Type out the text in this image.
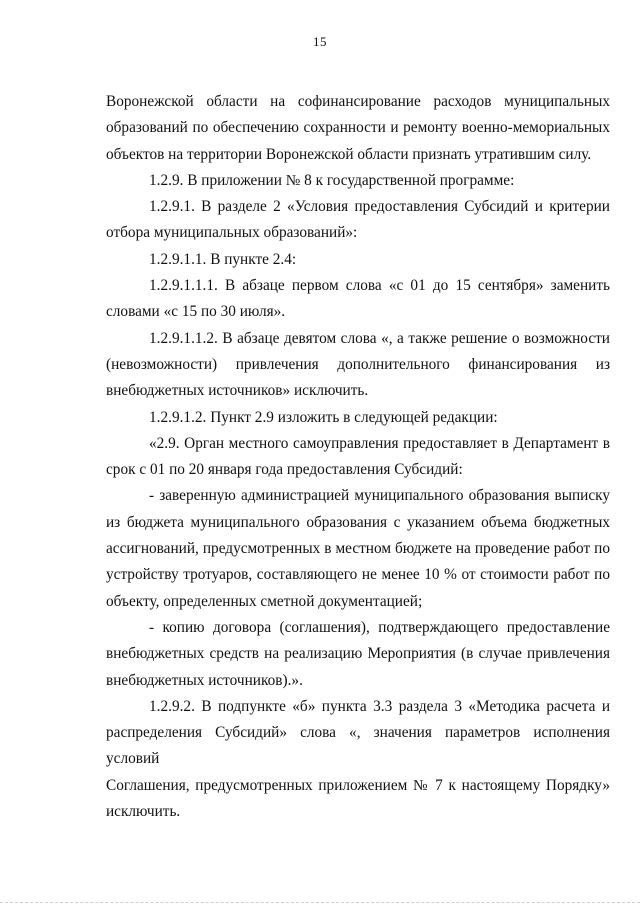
15
Воронежской области на софинансирование расходов муниципальных
образований по обеспечению сохранности и ремонту военно-мемориальных
объектов на территории Воронежской области признать утратившим силу.
1.2.9. В приложении № 8 к государственной программе:
1.2.9.1. В разделе 2 «Условия предоставления Субсидий и критерии
отбора муниципальных образований»:
1.2.9.1.1. В пункте 2.4:
1.2.9.1.1.1. В абзаце первом слова «с 01 до 15 сентября» заменить
словами «с 15 по 30 июля».
1.2.9.1.1.2. В абзаце девятом слова «, а также решение о возможности
(невозможности) привлечения дополнительного финансирования из
внебюджетных источников» исключить.
1.2.9.1.2. Пункт 2.9 изложить в следующей редакции:
«2.9. Орган местного самоуправления предоставляет в Департамент в
срок с 01 по 20 января года предоставления Субсидий:
- заверенную администрацией муниципального образования выписку
из бюджета муниципального образования с указанием объема бюджетных
ассигнований, предусмотренных в местном бюджете на проведение работ по
устройству тротуаров, составляющего не менее 10 % от стоимости работ по
объекту, определенных сметной документацией;
- копию договора (соглашения), подтверждающего предоставление
внебюджетных средств на реализацию Мероприятия (в случае привлечения
внебюджетных источников).».
1.2.9.2. В подпункте «б» пункта 3.3 раздела 3 «Методика расчета и
распределения Субсидий» слова «, значения параметров исполнения условий
Соглашения, предусмотренных приложением № 7 к настоящему Порядку»
исключить.
